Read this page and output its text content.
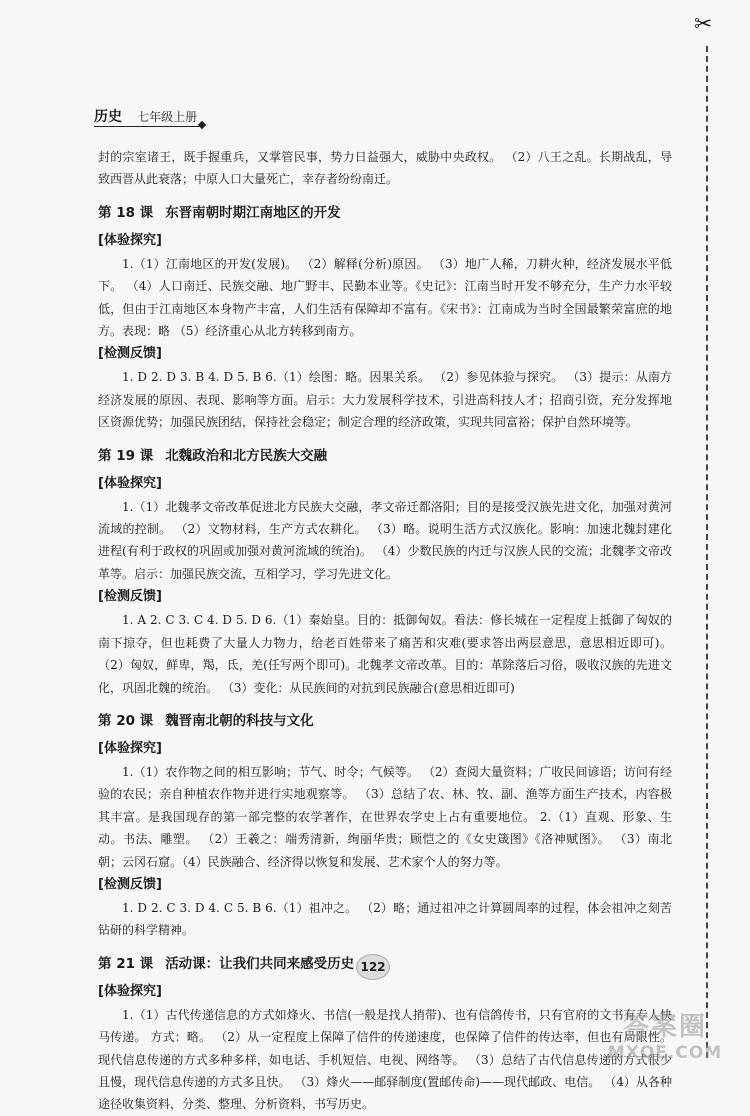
✂
历史 七年级上册

封的宗室诸王，既手握重兵，又掌管民事，势力日益强大，威胁中央政权。 （2）八王之乱。长期战乱，导致西晋从此衰落；中原人口大量死亡，幸存者纷纷南迁。

第 18 课 东晋南朝时期江南地区的开发
[体验探究]

1.（1）江南地区的开发(发展)。 （2）解释(分析)原因。 （3）地广人稀，刀耕火种，经济发展水平低下。 （4）人口南迁、民族交融、地广野丰、民勤本业等。《史记》：江南当时开发不够充分，生产力水平较低，但由于江南地区本身物产丰富，人们生活有保障却不富有。《宋书》：江南成为当时全国最繁荣富庶的地方。表现：略 （5）经济重心从北方转移到南方。

[检测反馈]

1. D 2. D 3. B 4. D 5. B 6.（1）绘图：略。因果关系。 （2）参见体验与探究。 （3）提示：从南方经济发展的原因、表现、影响等方面。启示：大力发展科学技术，引进高科技人才；招商引资，充分发挥地区资源优势；加强民族团结，保持社会稳定；制定合理的经济政策，实现共同富裕；保护自然环境等。

第 19 课 北魏政治和北方民族大交融
[体验探究]

1.（1）北魏孝文帝改革促进北方民族大交融，孝文帝迁都洛阳；目的是接受汉族先进文化，加强对黄河流域的控制。 （2）文物材料，生产方式农耕化。 （3）略。说明生活方式汉族化。影响：加速北魏封建化进程(有利于政权的巩固或加强对黄河流域的统治)。 （4）少数民族的内迁与汉族人民的交流；北魏孝文帝改革等。启示：加强民族交流，互相学习，学习先进文化。

[检测反馈]

1. A 2. C 3. C 4. D 5. D 6.（1）秦始皇。目的：抵御匈奴。看法：修长城在一定程度上抵御了匈奴的南下掠夺，但也耗费了大量人力物力，给老百姓带来了痛苦和灾难(要求答出两层意思，意思相近即可)。 （2）匈奴，鲜卑，羯，氐，羌(任写两个即可)。北魏孝文帝改革。目的：革除落后习俗，吸收汉族的先进文化，巩固北魏的统治。 （3）变化：从民族间的对抗到民族融合(意思相近即可)

第 20 课 魏晋南北朝的科技与文化
[体验探究]

1.（1）农作物之间的相互影响；节气、时令；气候等。 （2）查阅大量资料；广收民间谚语；访问有经验的农民；亲自种植农作物并进行实地观察等。 （3）总结了农、林、牧、副、渔等方面生产技术，内容极其丰富。是我国现存的第一部完整的农学著作，在世界农学史上占有重要地位。 2.（1）直观、形象、生动。书法、雕塑。 （2）王羲之：端秀清新，绚丽华贵；顾恺之的《女史箴图》《洛神赋图》。 （3）南北朝；云冈石窟。（4）民族融合、经济得以恢复和发展、艺术家个人的努力等。

[检测反馈]

1. D 2. C 3. D 4. C 5. B 6.（1）祖冲之。 （2）略；通过祖冲之计算圆周率的过程，体会祖冲之刻苦钻研的科学精神。

第 21 课 活动课：让我们共同来感受历史
[体验探究]

1.（1）古代传递信息的方式如烽火、书信(一般是找人捎带)、也有信鸽传书，只有官府的文书有专人快马传递。 方式：略。 （2）从一定程度上保障了信件的传递速度，也保障了信件的传达率，但也有局限性。现代信息传递的方式多种多样，如电话、手机短信、电视、网络等。 （3）总结了古代信息传递的方式很少且慢，现代信息传递的方式多且快。 （3）烽火——邮驿制度(置邮传命)——现代邮政、电信。 （4）从各种途径收集资料，分类、整理、分析资料，书写历史。

122
答案圈
MXQE.COM
